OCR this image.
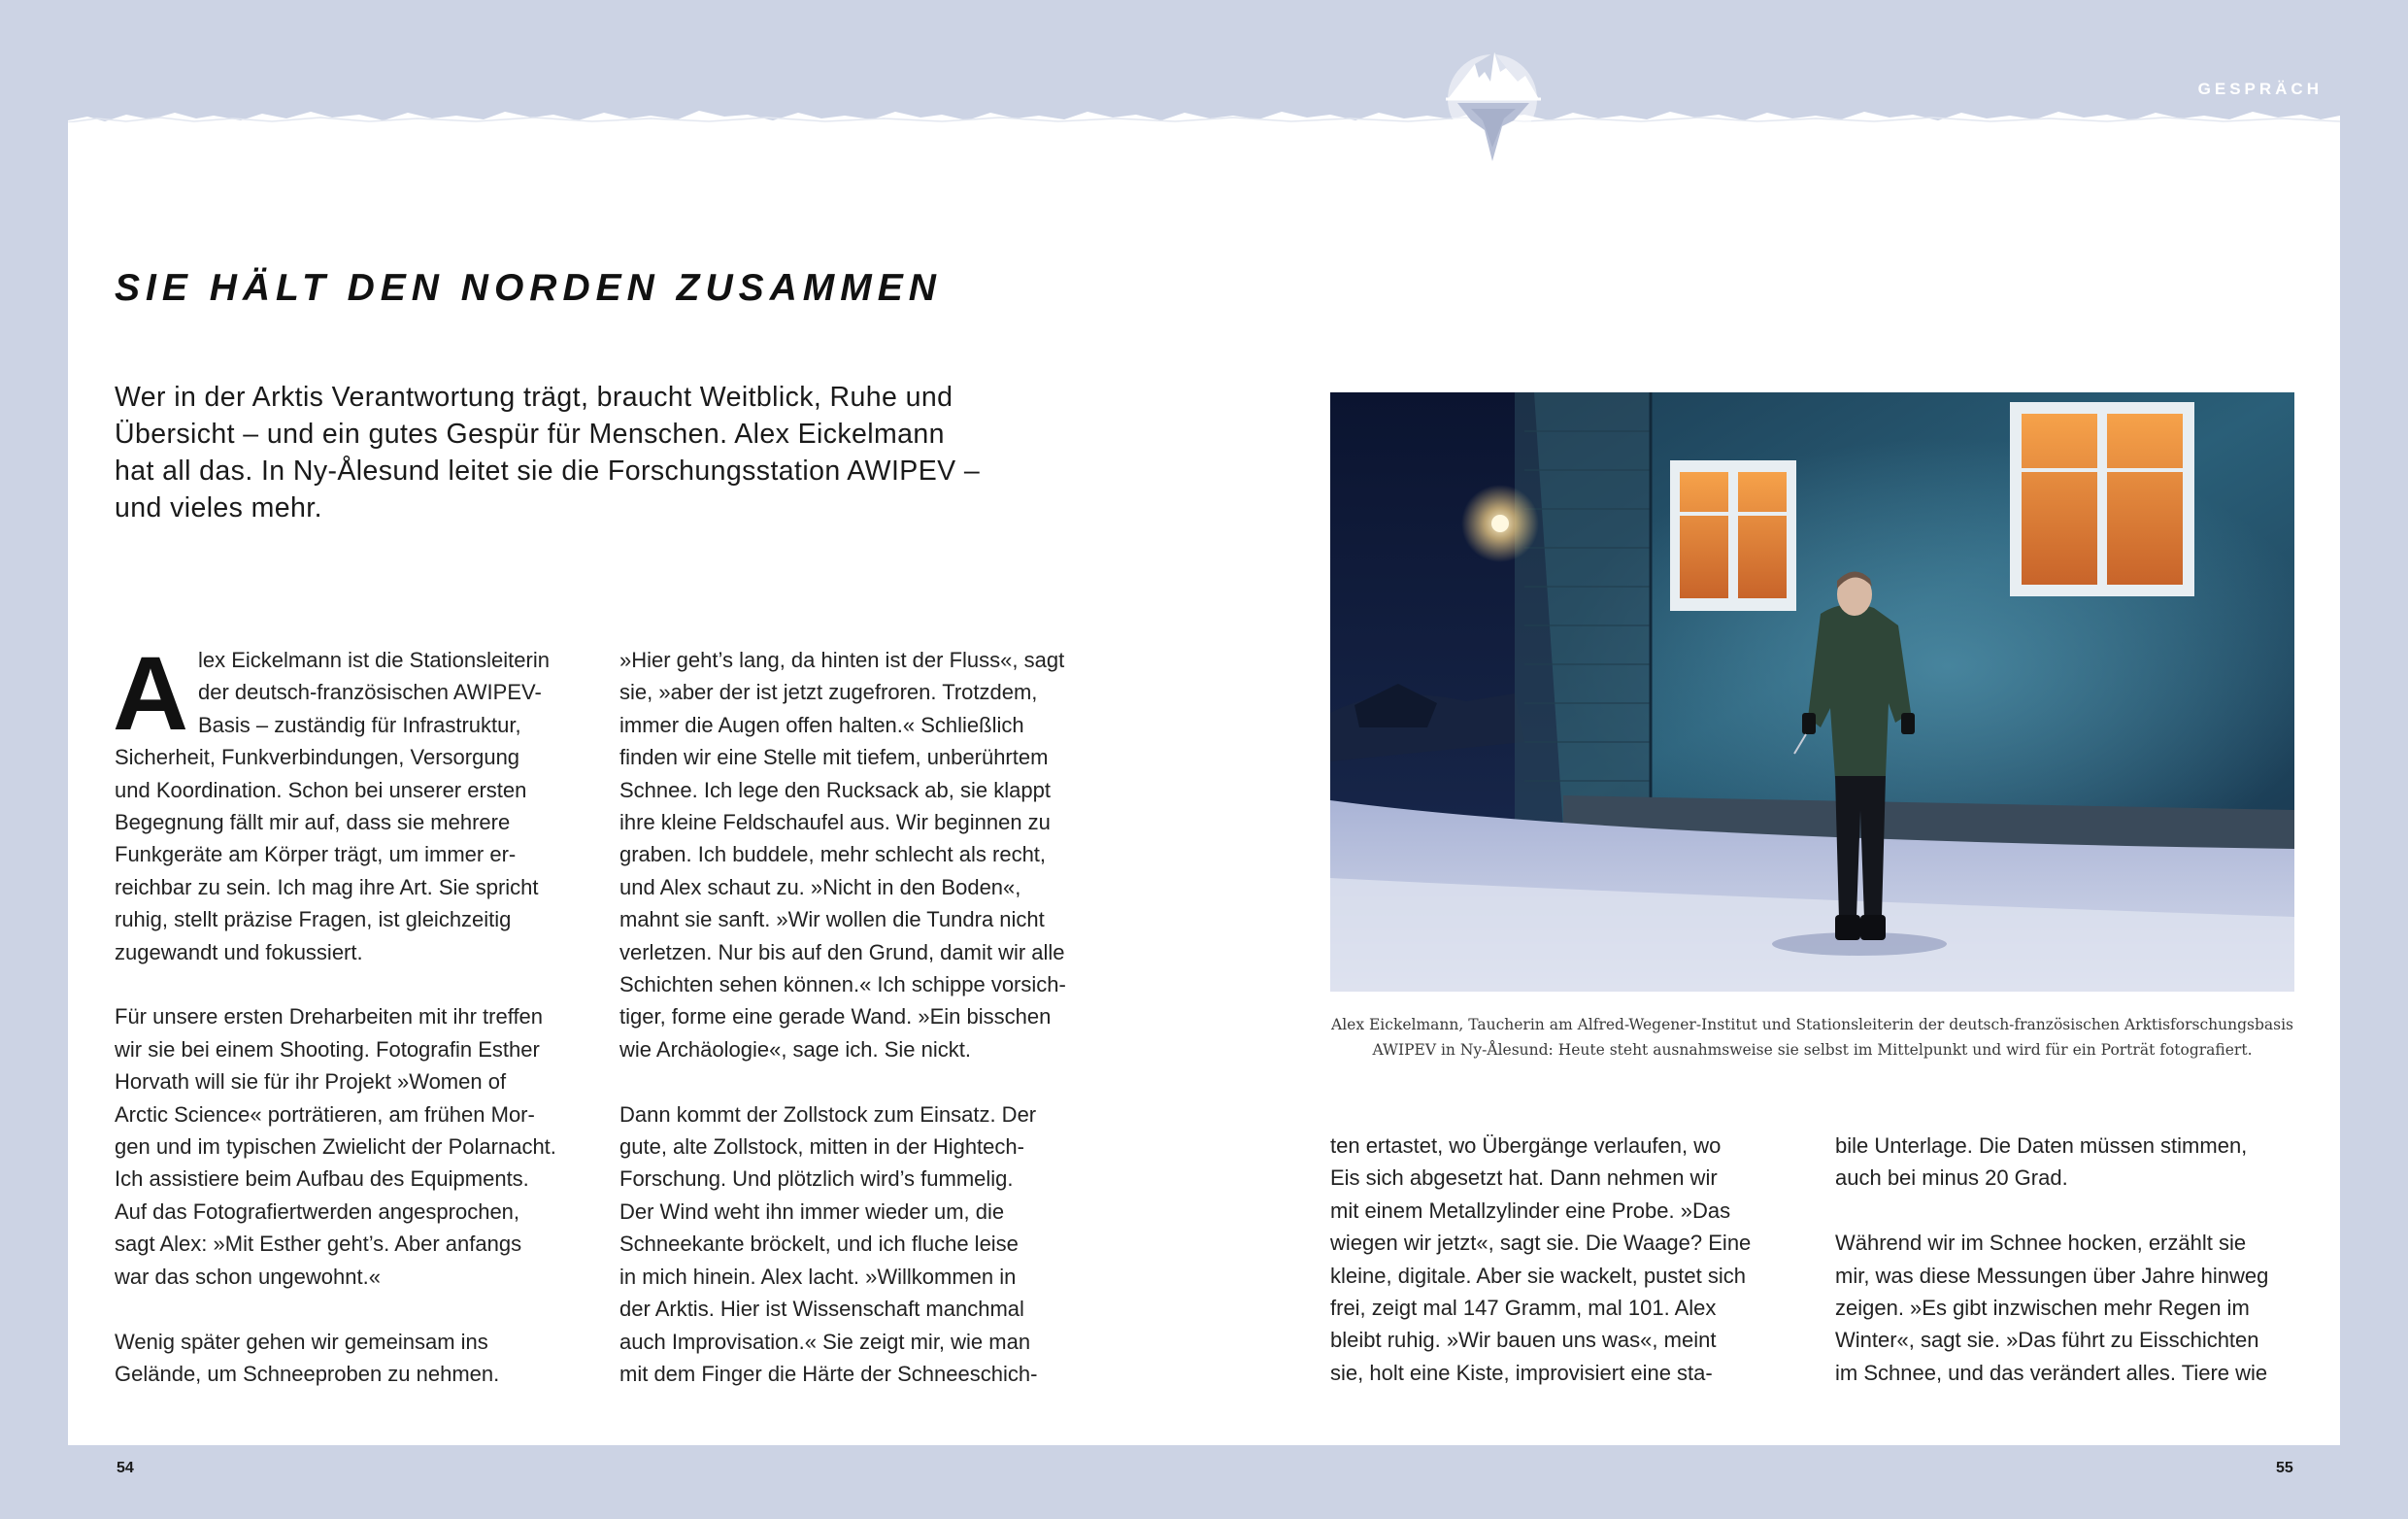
GESPRÄCH
SIE HÄLT DEN NORDEN ZUSAMMEN

Wer in der Arktis Verantwortung trägt, braucht Weitblick, Ruhe und Übersicht – und ein gutes Gespür für Menschen. Alex Eickelmann hat all das. In Ny-Ålesund leitet sie die Forschungsstation AWIPEV – und vieles mehr.

Alex Eickelmann ist die Stationsleiterin
der deutsch-französischen AWIPEV-
Basis – zuständig für Infrastruktur,
Sicherheit, Funkverbindungen, Versorgung
und Koordination. Schon bei unserer ersten
Begegnung fällt mir auf, dass sie mehrere
Funkgeräte am Körper trägt, um immer er-
reichbar zu sein. Ich mag ihre Art. Sie spricht
ruhig, stellt präzise Fragen, ist gleichzeitig
zugewandt und fokussiert.

Für unsere ersten Dreharbeiten mit ihr treffen
wir sie bei einem Shooting. Fotografin Esther
Horvath will sie für ihr Projekt »Women of
Arctic Science« porträtieren, am frühen Mor-
gen und im typischen Zwielicht der Polarnacht.
Ich assistiere beim Aufbau des Equipments.
Auf das Fotografiertwerden angesprochen,
sagt Alex: »Mit Esther geht’s. Aber anfangs
war das schon ungewohnt.«

Wenig später gehen wir gemeinsam ins
Gelände, um Schneeproben zu nehmen.

»Hier geht’s lang, da hinten ist der Fluss«, sagt
sie, »aber der ist jetzt zugefroren. Trotzdem,
immer die Augen offen halten.« Schließlich
finden wir eine Stelle mit tiefem, unberührtem
Schnee. Ich lege den Rucksack ab, sie klappt
ihre kleine Feldschaufel aus. Wir beginnen zu
graben. Ich buddele, mehr schlecht als recht,
und Alex schaut zu. »Nicht in den Boden«,
mahnt sie sanft. »Wir wollen die Tundra nicht
verletzen. Nur bis auf den Grund, damit wir alle
Schichten sehen können.« Ich schippe vorsich-
tiger, forme eine gerade Wand. »Ein bisschen
wie Archäologie«, sage ich. Sie nickt.

Dann kommt der Zollstock zum Einsatz. Der
gute, alte Zollstock, mitten in der Hightech-
Forschung. Und plötzlich wird’s fummelig.
Der Wind weht ihn immer wieder um, die
Schneekante bröckelt, und ich fluche leise
in mich hinein. Alex lacht. »Willkommen in
der Arktis. Hier ist Wissenschaft manchmal
auch Improvisation.« Sie zeigt mir, wie man
mit dem Finger die Härte der Schneeschich-

Alex Eickelmann, Taucherin am Alfred-Wegener-Institut und Stationsleiterin der deutsch-französischen Arktisforschungsbasis
AWIPEV in Ny-Ålesund: Heute steht ausnahmsweise sie selbst im Mittelpunkt und wird für ein Porträt fotografiert.

ten ertastet, wo Übergänge verlaufen, wo
Eis sich abgesetzt hat. Dann nehmen wir
mit einem Metallzylinder eine Probe. »Das
wiegen wir jetzt«, sagt sie. Die Waage? Eine
kleine, digitale. Aber sie wackelt, pustet sich
frei, zeigt mal 147 Gramm, mal 101. Alex
bleibt ruhig. »Wir bauen uns was«, meint
sie, holt eine Kiste, improvisiert eine sta-

bile Unterlage. Die Daten müssen stimmen,
auch bei minus 20 Grad.

Während wir im Schnee hocken, erzählt sie
mir, was diese Messungen über Jahre hinweg
zeigen. »Es gibt inzwischen mehr Regen im
Winter«, sagt sie. »Das führt zu Eisschichten
im Schnee, und das verändert alles. Tiere wie

54	55
